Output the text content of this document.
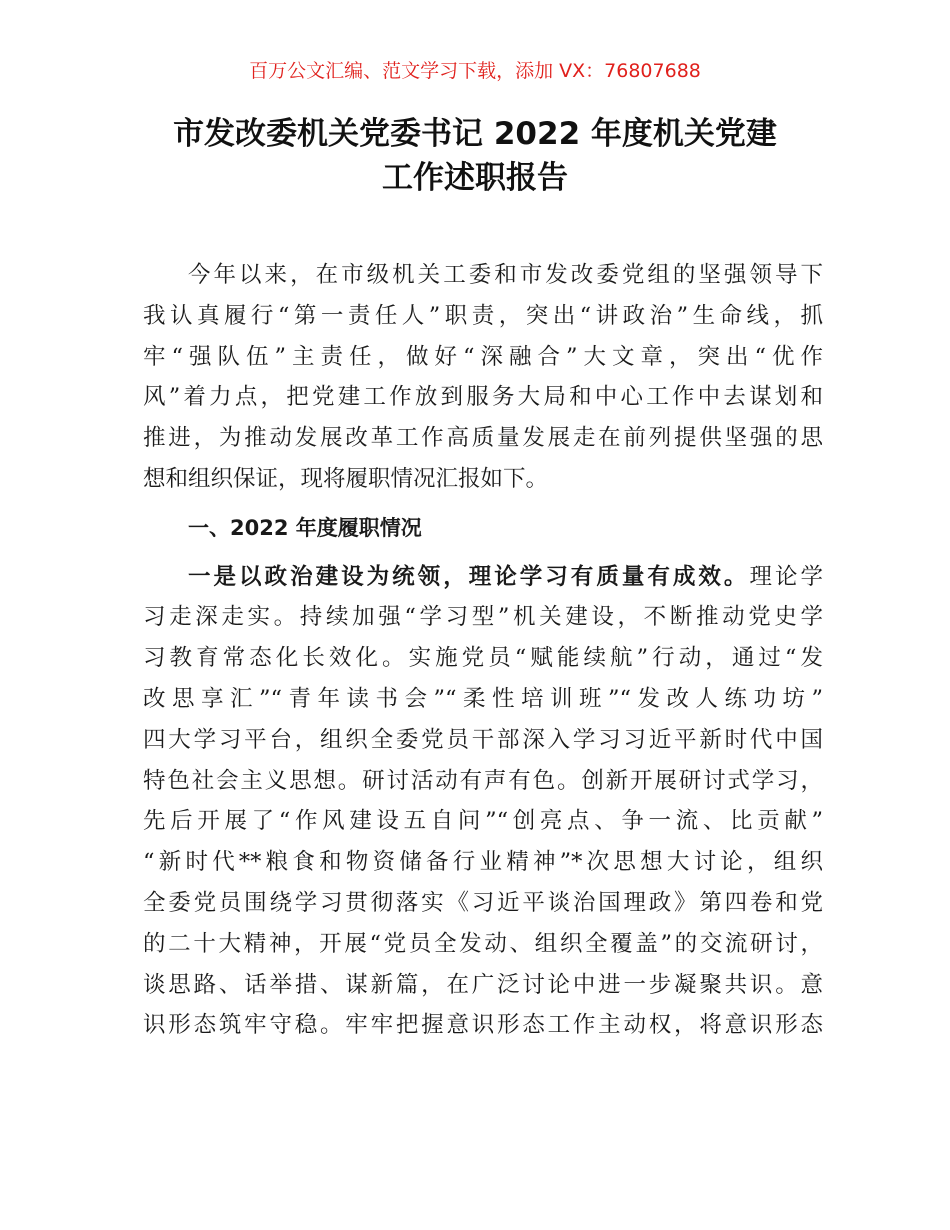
百万公文汇编、范文学习下载，添加 VX：76807688
市发改委机关党委书记 2022 年度机关党建
工作述职报告
今年以来，在市级机关工委和市发改委党组的坚强领导下
我认真履行“第一责任人”职责，突出“讲政治”生命线，抓
牢“强队伍”主责任，做好“深融合”大文章，突出“优作
风”着力点，把党建工作放到服务大局和中心工作中去谋划和
推进，为推动发展改革工作高质量发展走在前列提供坚强的思
想和组织保证，现将履职情况汇报如下。
一、2022 年度履职情况
一是以政治建设为统领，理论学习有质量有成效。理论学
习走深走实。持续加强“学习型”机关建设，不断推动党史学
习教育常态化长效化。实施党员“赋能续航”行动，通过“发
改思享汇”“青年读书会”“柔性培训班”“发改人练功坊”
四大学习平台，组织全委党员干部深入学习习近平新时代中国
特色社会主义思想。研讨活动有声有色。创新开展研讨式学习，
先后开展了“作风建设五自问”“创亮点、争一流、比贡献”
“新时代**粮食和物资储备行业精神”*次思想大讨论，组织
全委党员围绕学习贯彻落实《习近平谈治国理政》第四卷和党
的二十大精神，开展“党员全发动、组织全覆盖”的交流研讨，
谈思路、话举措、谋新篇，在广泛讨论中进一步凝聚共识。意
识形态筑牢守稳。牢牢把握意识形态工作主动权，将意识形态
